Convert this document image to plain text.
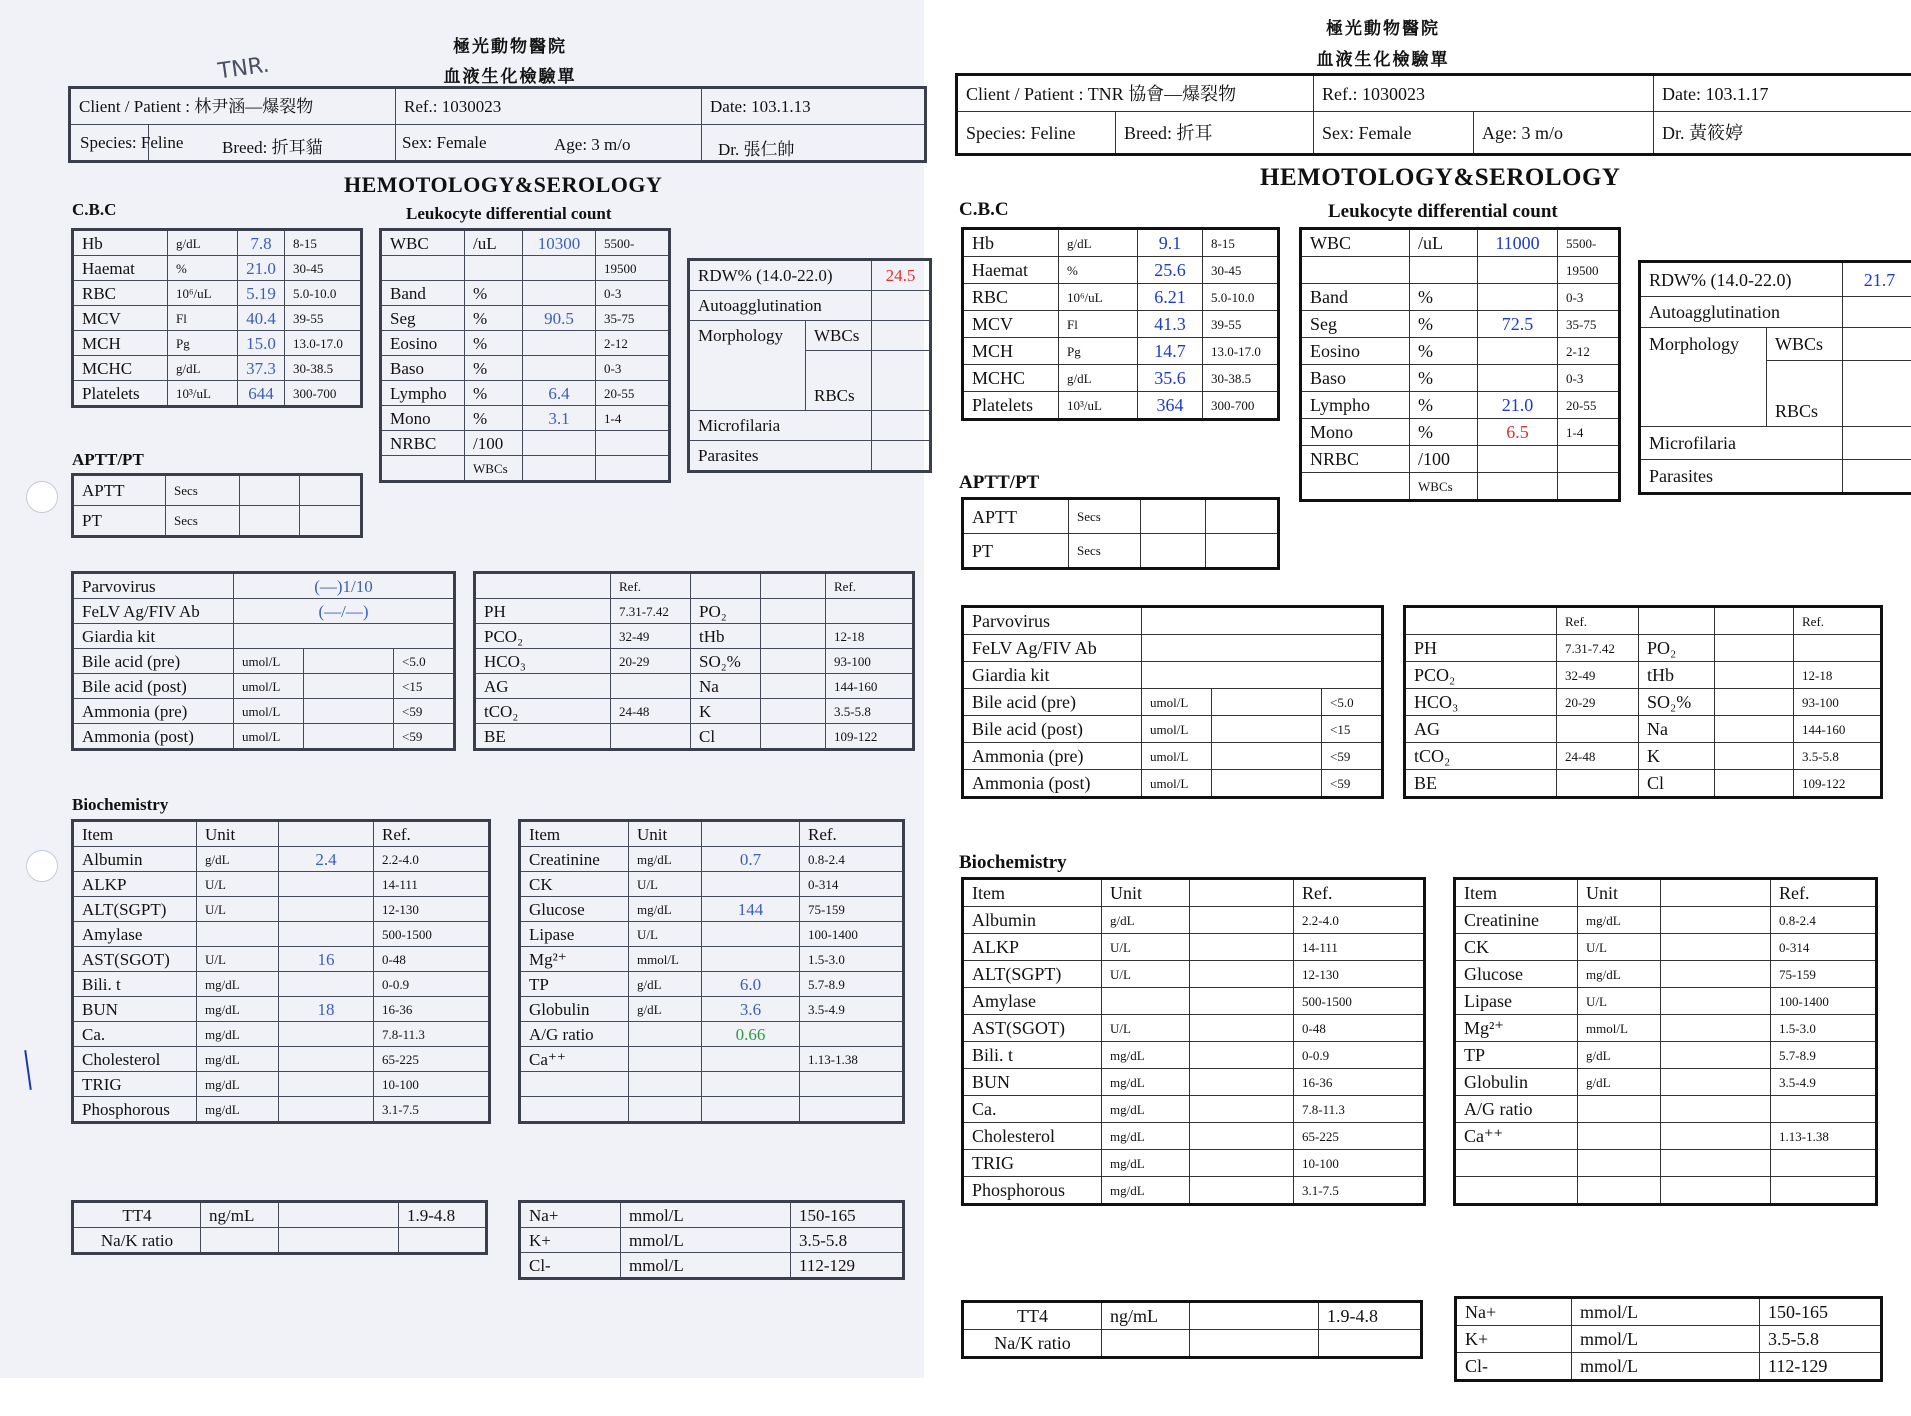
TNR.
極光動物醫院
血液生化檢驗單
Client / Patient : 林尹涵—爆裂物		Ref.: 1030023	Date: 103.1.13

Species: Feline Breed: 折耳貓	Sex: Female	Age: 3 m/o	Dr. 張仁帥
HEMOTOLOGY&SEROLOGY
C.B.C	Leukocyte differential count
Hb	g/dL	7.8	8-15
Haemat	%	21.0	30-45
RBC	10⁶/uL	5.19	5.0-10.0
MCV	Fl	40.4	39-55
MCH	Pg	15.0	13.0-17.0
MCHC	g/dL	37.3	30-38.5
Platelets	10³/uL	644	300-700
WBC	/uL	10300	5500-
			19500
Band	%		0-3
Seg	%	90.5	35-75
Eosino	%		2-12
Baso	%		0-3
Lympho	%	6.4	20-55
Mono	%	3.1	1-4
NRBC	/100		
	WBCs		
RDW% (14.0-22.0)		24.5
Autoagglutination		
Morphology	WBCs	
	RBCs	
Microfilaria		
Parasites		
APTT/PT
APTT	Secs		
PT	Secs		
Parvovirus	(—)1/10		
FeLV Ag/FIV Ab	(—/—)		
Giardia kit			
Bile acid (pre)	umol/L		<5.0
Bile acid (post)	umol/L		<15
Ammonia (pre)	umol/L		<59
Ammonia (post)	umol/L		<59
	Ref.			Ref.
PH	7.31-7.42	PO₂		
PCO₂	32-49	tHb		12-18
HCO₃	20-29	SO₂%		93-100
AG		Na		144-160
tCO₂	24-48	K		3.5-5.8
BE		Cl		109-122
Biochemistry
Item	Unit		Ref.
Albumin	g/dL	2.4	2.2-4.0
ALKP	U/L		14-111
ALT(SGPT)	U/L		12-130
Amylase			500-1500
AST(SGOT)	U/L	16	0-48
Bili. t	mg/dL		0-0.9
BUN	mg/dL	18	16-36
Ca.	mg/dL		7.8-11.3
Cholesterol	mg/dL		65-225
TRIG	mg/dL		10-100
Phosphorous	mg/dL		3.1-7.5
Item	Unit		Ref.
Creatinine	mg/dL	0.7	0.8-2.4
CK	U/L		0-314
Glucose	mg/dL	144	75-159
Lipase	U/L		100-1400
Mg²⁺	mmol/L		1.5-3.0
TP	g/dL	6.0	5.7-8.9
Globulin	g/dL	3.6	3.5-4.9
A/G ratio		0.66	
Ca⁺⁺			1.13-1.38

TT4	ng/mL		1.9-4.8
Na/K ratio			
Na+	mmol/L	150-165
K+	mmol/L	3.5-5.8
Cl-	mmol/L	112-129
極光動物醫院
血液生化檢驗單
Client / Patient : TNR 協會—爆裂物		Ref.: 1030023		Date: 103.1.17
Species: Feline	Breed: 折耳	Sex: Female	Age: 3 m/o	Dr. 黃筱婷
HEMOTOLOGY&SEROLOGY
C.B.C	Leukocyte differential count
Hb	g/dL	9.1	8-15
Haemat	%	25.6	30-45
RBC	10⁶/uL	6.21	5.0-10.0
MCV	Fl	41.3	39-55
MCH	Pg	14.7	13.0-17.0
MCHC	g/dL	35.6	30-38.5
Platelets	10³/uL	364	300-700
WBC	/uL	11000	5500-
			19500
Band	%		0-3
Seg	%	72.5	35-75
Eosino	%		2-12
Baso	%		0-3
Lympho	%	21.0	20-55
Mono	%	6.5	1-4
NRBC	/100		
	WBCs		
RDW% (14.0-22.0)		21.7
Autoagglutination		
Morphology	WBCs	
	RBCs	
Microfilaria		
Parasites		
APTT/PT
APTT	Secs		
PT	Secs		
Parvovirus			
FeLV Ag/FIV Ab			
Giardia kit			
Bile acid (pre)	umol/L		<5.0
Bile acid (post)	umol/L		<15
Ammonia (pre)	umol/L		<59
Ammonia (post)	umol/L		<59
	Ref.			Ref.
PH	7.31-7.42	PO₂		
PCO₂	32-49	tHb		12-18
HCO₃	20-29	SO₂%		93-100
AG		Na		144-160
tCO₂	24-48	K		3.5-5.8
BE		Cl		109-122
Biochemistry
Item	Unit		Ref.
Albumin	g/dL		2.2-4.0
ALKP	U/L		14-111
ALT(SGPT)	U/L		12-130
Amylase			500-1500
AST(SGOT)	U/L		0-48
Bili. t	mg/dL		0-0.9
BUN	mg/dL		16-36
Ca.	mg/dL		7.8-11.3
Cholesterol	mg/dL		65-225
TRIG	mg/dL		10-100
Phosphorous	mg/dL		3.1-7.5
Item	Unit		Ref.
Creatinine	mg/dL		0.8-2.4
CK	U/L		0-314
Glucose	mg/dL		75-159
Lipase	U/L		100-1400
Mg²⁺	mmol/L		1.5-3.0
TP	g/dL		5.7-8.9
Globulin	g/dL		3.5-4.9
A/G ratio			
Ca⁺⁺			1.13-1.38

TT4	ng/mL		1.9-4.8
Na/K ratio			
Na+	mmol/L	150-165
K+	mmol/L	3.5-5.8
Cl-	mmol/L	112-129
